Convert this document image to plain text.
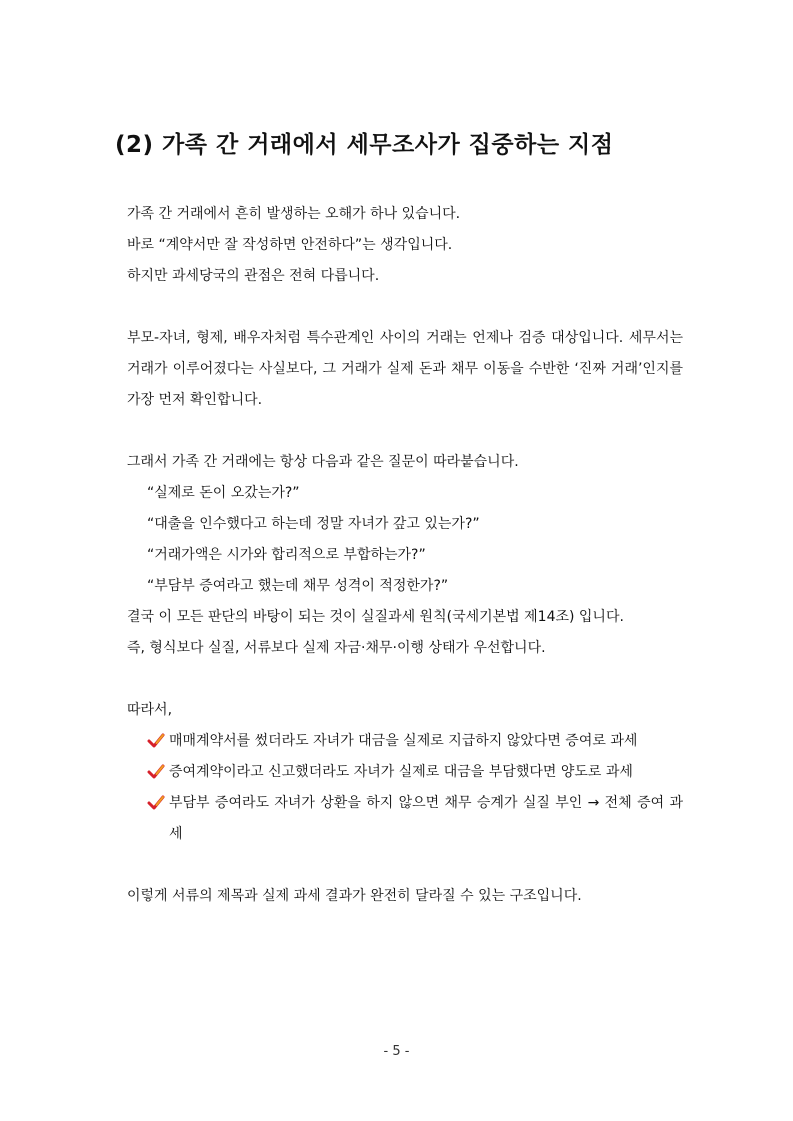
(2) 가족 간 거래에서 세무조사가 집중하는 지점

가족 간 거래에서 흔히 발생하는 오해가 하나 있습니다.

바로 “계약서만 잘 작성하면 안전하다”는 생각입니다.

하지만 과세당국의 관점은 전혀 다릅니다.

부모-자녀, 형제, 배우자처럼 특수관계인 사이의 거래는 언제나 검증 대상입니다. 세무서는 거래가 이루어졌다는 사실보다, 그 거래가 실제 돈과 채무 이동을 수반한 ‘진짜 거래’인지를 가장 먼저 확인합니다.

그래서 가족 간 거래에는 항상 다음과 같은 질문이 따라붙습니다.

“실제로 돈이 오갔는가?”

“대출을 인수했다고 하는데 정말 자녀가 갚고 있는가?”

“거래가액은 시가와 합리적으로 부합하는가?”

“부담부 증여라고 했는데 채무 성격이 적정한가?”

결국 이 모든 판단의 바탕이 되는 것이 실질과세 원칙(국세기본법 제14조) 입니다.

즉, 형식보다 실질, 서류보다 실제 자금·채무·이행 상태가 우선합니다.

따라서,

매매계약서를 썼더라도 자녀가 대금을 실제로 지급하지 않았다면 증여로 과세
증여계약이라고 신고했더라도 자녀가 실제로 대금을 부담했다면 양도로 과세
부담부 증여라도 자녀가 상환을 하지 않으면 채무 승계가 실질 부인 → 전체 증여 과세

이렇게 서류의 제목과 실제 과세 결과가 완전히 달라질 수 있는 구조입니다.

- 5 -
